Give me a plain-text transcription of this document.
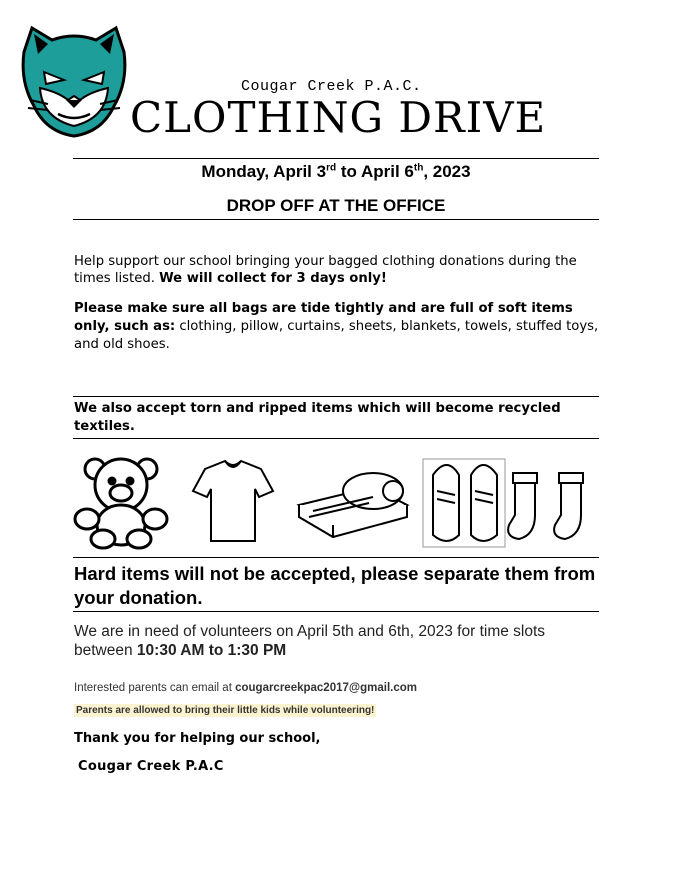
Cougar Creek P.A.C.
CLOTHING DRIVE
Monday, April 3rd to April 6th, 2023
DROP OFF AT THE OFFICE
Help support our school bringing your bagged clothing donations during the times listed. We will collect for 3 days only!
Please make sure all bags are tide tightly and are full of soft items only, such as: clothing, pillow, curtains, sheets, blankets, towels, stuffed toys, and old shoes.
We also accept torn and ripped items which will become recycled textiles.
Hard items will not be accepted, please separate them from your donation.
We are in need of volunteers on April 5th and 6th, 2023 for time slots between 10:30 AM to 1:30 PM
Interested parents can email at cougarcreekpac2017@gmail.com
Parents are allowed to bring their little kids while volunteering!
Thank you for helping our school,
Cougar Creek P.A.C
